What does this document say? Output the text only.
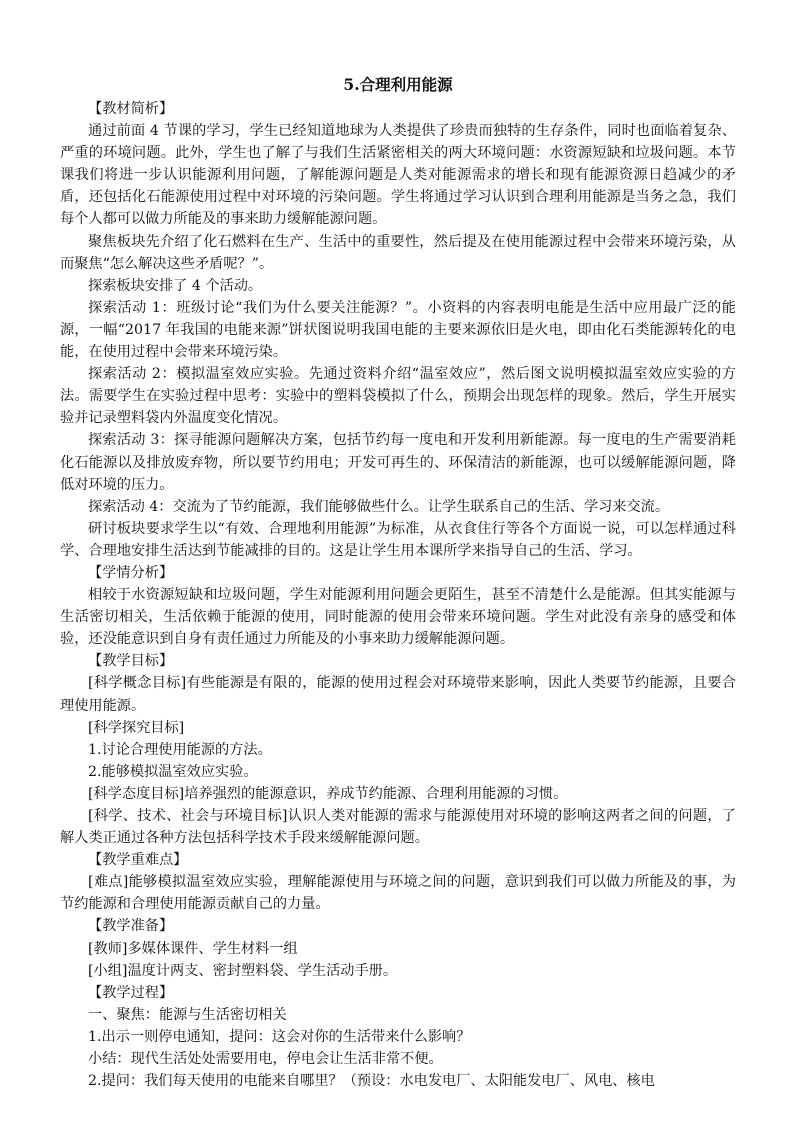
5.合理利用能源

【教材简析】

通过前面 4 节课的学习，学生已经知道地球为人类提供了珍贵而独特的生存条件，同时也面临着复杂、严重的环境问题。此外，学生也了解了与我们生活紧密相关的两大环境问题：水资源短缺和垃圾问题。本节课我们将进一步认识能源利用问题，了解能源问题是人类对能源需求的增长和现有能源资源日趋减少的矛盾，还包括化石能源使用过程中对环境的污染问题。学生将通过学习认识到合理利用能源是当务之急，我们每个人都可以做力所能及的事来助力缓解能源问题。

聚焦板块先介绍了化石燃料在生产、生活中的重要性，然后提及在使用能源过程中会带来环境污染，从而聚焦“怎么解决这些矛盾呢？”。

探索板块安排了 4 个活动。

探索活动 1：班级讨论“我们为什么要关注能源？”。小资料的内容表明电能是生活中应用最广泛的能源，一幅“2017 年我国的电能来源”饼状图说明我国电能的主要来源依旧是火电，即由化石类能源转化的电能，在使用过程中会带来环境污染。

探索活动 2：模拟温室效应实验。先通过资料介绍“温室效应”，然后图文说明模拟温室效应实验的方法。需要学生在实验过程中思考：实验中的塑料袋模拟了什么，预期会出现怎样的现象。然后，学生开展实验并记录塑料袋内外温度变化情况。

探索活动 3：探寻能源问题解决方案，包括节约每一度电和开发利用新能源。每一度电的生产需要消耗化石能源以及排放废弃物，所以要节约用电；开发可再生的、环保清洁的新能源，也可以缓解能源问题，降低对环境的压力。

探索活动 4：交流为了节约能源，我们能够做些什么。让学生联系自己的生活、学习来交流。

研讨板块要求学生以“有效、合理地利用能源”为标准，从衣食住行等各个方面说一说，可以怎样通过科学、合理地安排生活达到节能减排的目的。这是让学生用本课所学来指导自己的生活、学习。

【学情分析】

相较于水资源短缺和垃圾问题，学生对能源利用问题会更陌生，甚至不清楚什么是能源。但其实能源与生活密切相关，生活依赖于能源的使用，同时能源的使用会带来环境问题。学生对此没有亲身的感受和体验，还没能意识到自身有责任通过力所能及的小事来助力缓解能源问题。

【教学目标】

[科学概念目标]有些能源是有限的，能源的使用过程会对环境带来影响，因此人类要节约能源，且要合理使用能源。

[科学探究目标]

1.讨论合理使用能源的方法。

2.能够模拟温室效应实验。

[科学态度目标]培养强烈的能源意识，养成节约能源、合理利用能源的习惯。

[科学、技术、社会与环境目标]认识人类对能源的需求与能源使用对环境的影响这两者之间的问题，了解人类正通过各种方法包括科学技术手段来缓解能源问题。

【教学重难点】

[难点]能够模拟温室效应实验，理解能源使用与环境之间的问题，意识到我们可以做力所能及的事，为节约能源和合理使用能源贡献自己的力量。

【教学准备】

[教师]多媒体课件、学生材料一组

[小组]温度计两支、密封塑料袋、学生活动手册。

【教学过程】

一、聚焦：能源与生活密切相关

1.出示一则停电通知，提问：这会对你的生活带来什么影响？

小结：现代生活处处需要用电，停电会让生活非常不便。

2.提问：我们每天使用的电能来自哪里？（预设：水电发电厂、太阳能发电厂、风电、核电
